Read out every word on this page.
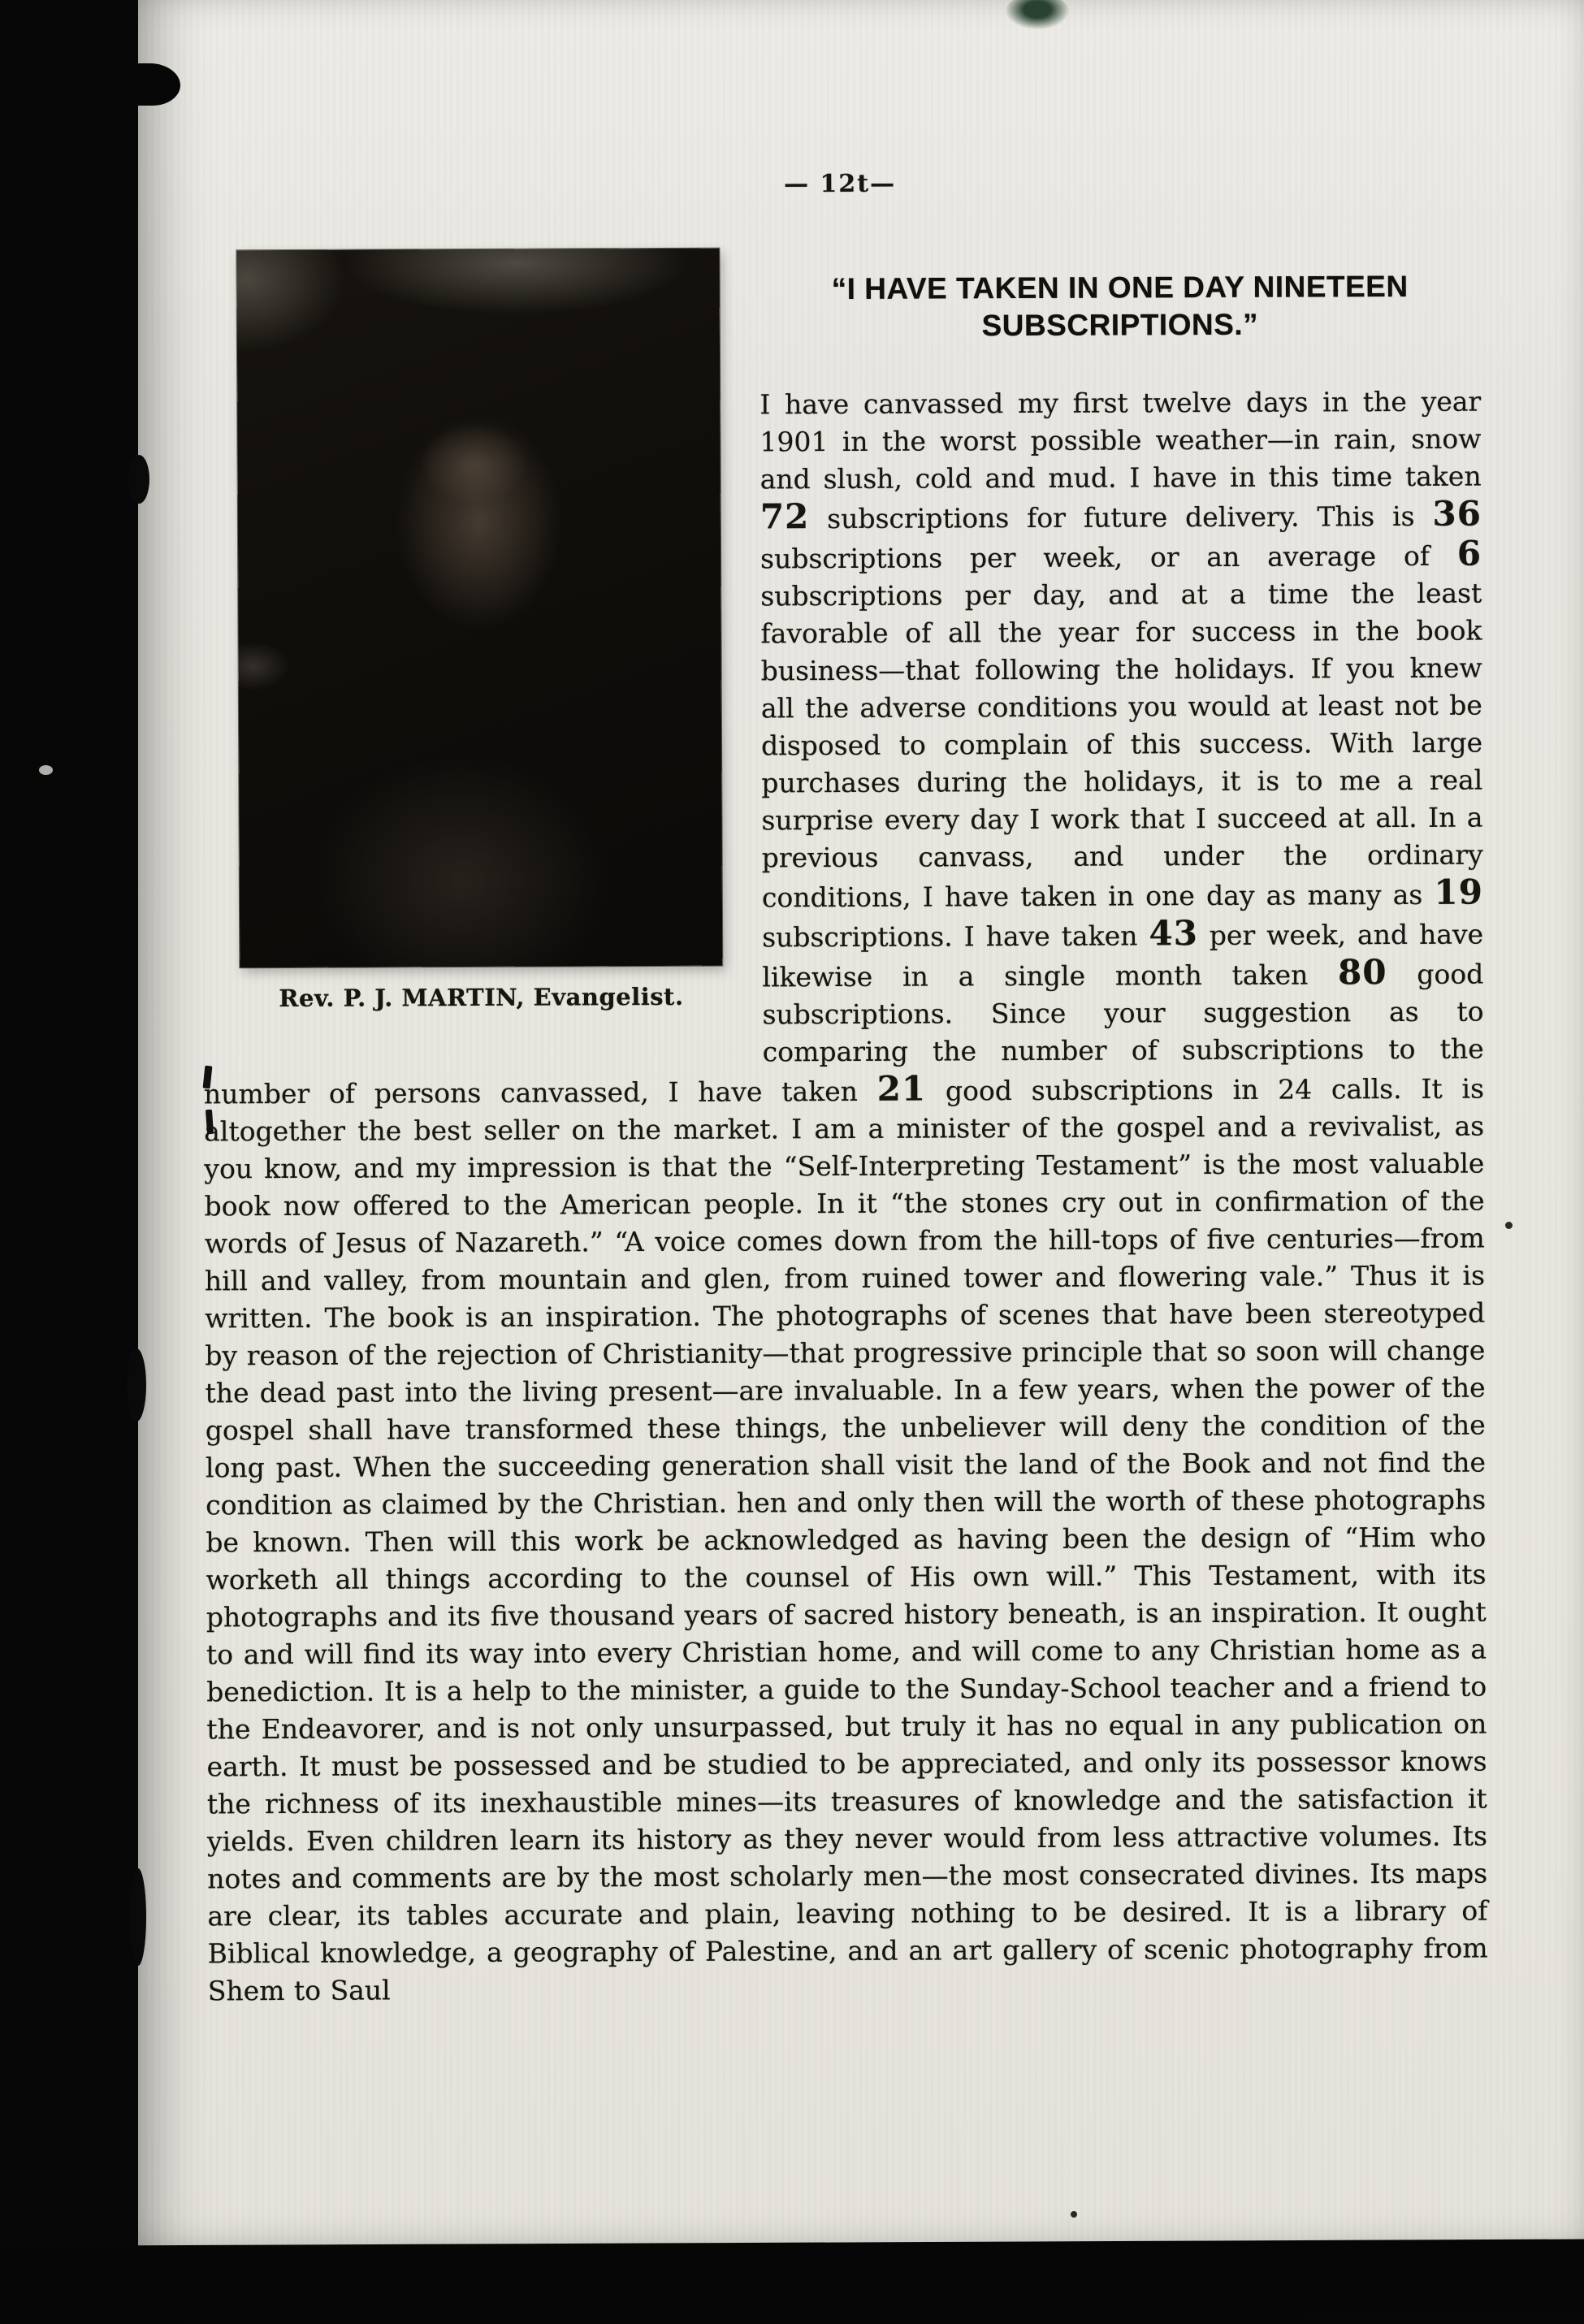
— 12t—
Rev. P. J. MARTIN, Evangelist.
“I HAVE TAKEN IN ONE DAY NINETEEN
SUBSCRIPTIONS.”

I have canvassed my first twelve days in the year 1901 in the worst possible weather—in rain, snow and slush, cold and mud. I have in this time taken 72 subscriptions for future delivery. This is 36 subscriptions per week, or an average of 6 subscriptions per day, and at a time the least favorable of all the year for success in the book business—that following the holidays. If you knew all the adverse conditions you would at least not be disposed to complain of this success. With large purchases during the holidays, it is to me a real surprise every day I work that I succeed at all. In a previous canvass, and under the ordinary conditions, I have taken in one day as many as 19 subscriptions. I have taken 43 per week, and have likewise in a single month taken 80 good subscriptions. Since your suggestion as to comparing the number of subscriptions to the number of persons canvassed, I have taken 21 good subscriptions in 24 calls. It is altogether the best seller on the market. I am a minister of the gospel and a revivalist, as you know, and my impression is that the “Self-Interpreting Testament” is the most valuable book now offered to the American people. In it “the stones cry out in confirmation of the words of Jesus of Nazareth.” “A voice comes down from the hill-tops of five centuries—from hill and valley, from mountain and glen, from ruined tower and flowering vale.” Thus it is written. The book is an inspiration. The photographs of scenes that have been stereotyped by reason of the rejection of Christianity—that progressive principle that so soon will change the dead past into the living present—are invaluable. In a few years, when the power of the gospel shall have transformed these things, the unbeliever will deny the condition of the long past. When the succeeding generation shall visit the land of the Book and not find the condition as claimed by the Christian. hen and only then will the worth of these photographs be known. Then will this work be acknowledged as having been the design of “Him who worketh all things according to the counsel of His own will.” This Testament, with its photographs and its five thousand years of sacred history beneath, is an inspiration. It ought to and will find its way into every Christian home, and will come to any Christian home as a benediction. It is a help to the minister, a guide to the Sunday-School teacher and a friend to the Endeavorer, and is not only unsurpassed, but truly it has no equal in any publication on earth. It must be possessed and be studied to be appreciated, and only its possessor knows the richness of its inexhaustible mines—its treasures of knowledge and the satisfaction it yields. Even children learn its history as they never would from less attractive volumes. Its notes and comments are by the most scholarly men—the most consecrated divines. Its maps are clear, its tables accurate and plain, leaving nothing to be desired. It is a library of Biblical knowledge, a geography of Palestine, and an art gallery of scenic photography from Shem to Saul
